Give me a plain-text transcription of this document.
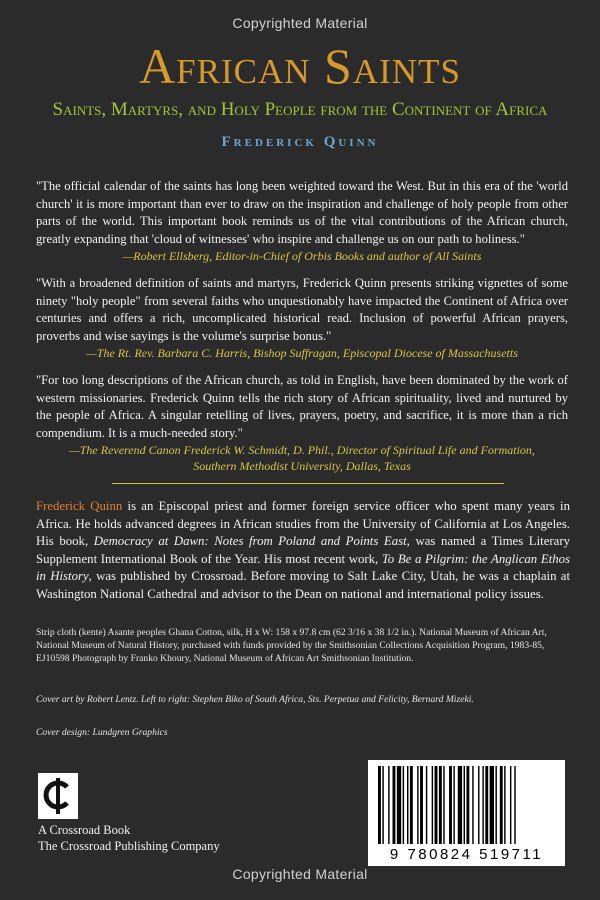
Copyrighted Material
African Saints
Saints, Martyrs, and Holy People from the Continent of Africa
Frederick Quinn
"The official calendar of the saints has long been weighted toward the West. But in this era of the 'world church' it is more important than ever to draw on the inspiration and challenge of holy people from other parts of the world. This important book reminds us of the vital contributions of the African church, greatly expanding that 'cloud of witnesses' who inspire and challenge us on our path to holiness."
—Robert Ellsberg, Editor-in-Chief of Orbis Books and author of All Saints
"With a broadened definition of saints and martyrs, Frederick Quinn presents striking vignettes of some ninety "holy people" from several faiths who unquestionably have impacted the Continent of Africa over centuries and offers a rich, uncomplicated historical read. Inclusion of powerful African prayers, proverbs and wise sayings is the volume's surprise bonus."
—The Rt. Rev. Barbara C. Harris, Bishop Suffragan, Episcopal Diocese of Massachusetts
"For too long descriptions of the African church, as told in English, have been dominated by the work of western missionaries. Frederick Quinn tells the rich story of African spirituality, lived and nurtured by the people of Africa. A singular retelling of lives, prayers, poetry, and sacrifice, it is more than a rich compendium. It is a much-needed story."
—The Reverend Canon Frederick W. Schmidt, D. Phil., Director of Spiritual Life and Formation,
Southern Methodist University, Dallas, Texas
Frederick Quinn is an Episcopal priest and former foreign service officer who spent many years in Africa. He holds advanced degrees in African studies from the University of California at Los Angeles. His book, Democracy at Dawn: Notes from Poland and Points East, was named a Times Literary Supplement International Book of the Year. His most recent work, To Be a Pilgrim: the Anglican Ethos in History, was published by Crossroad. Before moving to Salt Lake City, Utah, he was a chaplain at Washington National Cathedral and advisor to the Dean on national and international policy issues.
Strip cloth (kente) Asante peoples Ghana Cotton, silk, H x W: 158 x 97.8 cm (62 3/16 x 38 1/2 in.). National Museum of African Art, National Museum of Natural History, purchased with funds provided by the Smithsonian Collections Acquisition Program, 1983-85, EJ10598 Photograph by Franko Khoury, National Museum of African Art Smithsonian Institution.
Cover art by Robert Lentz. Left to right: Stephen Biko of South Africa, Sts. Perpetua and Felicity, Bernard Mizeki.
Cover design: Lundgren Graphics
A Crossroad Book
The Crossroad Publishing Company	9 780824 519711
Copyrighted Material
